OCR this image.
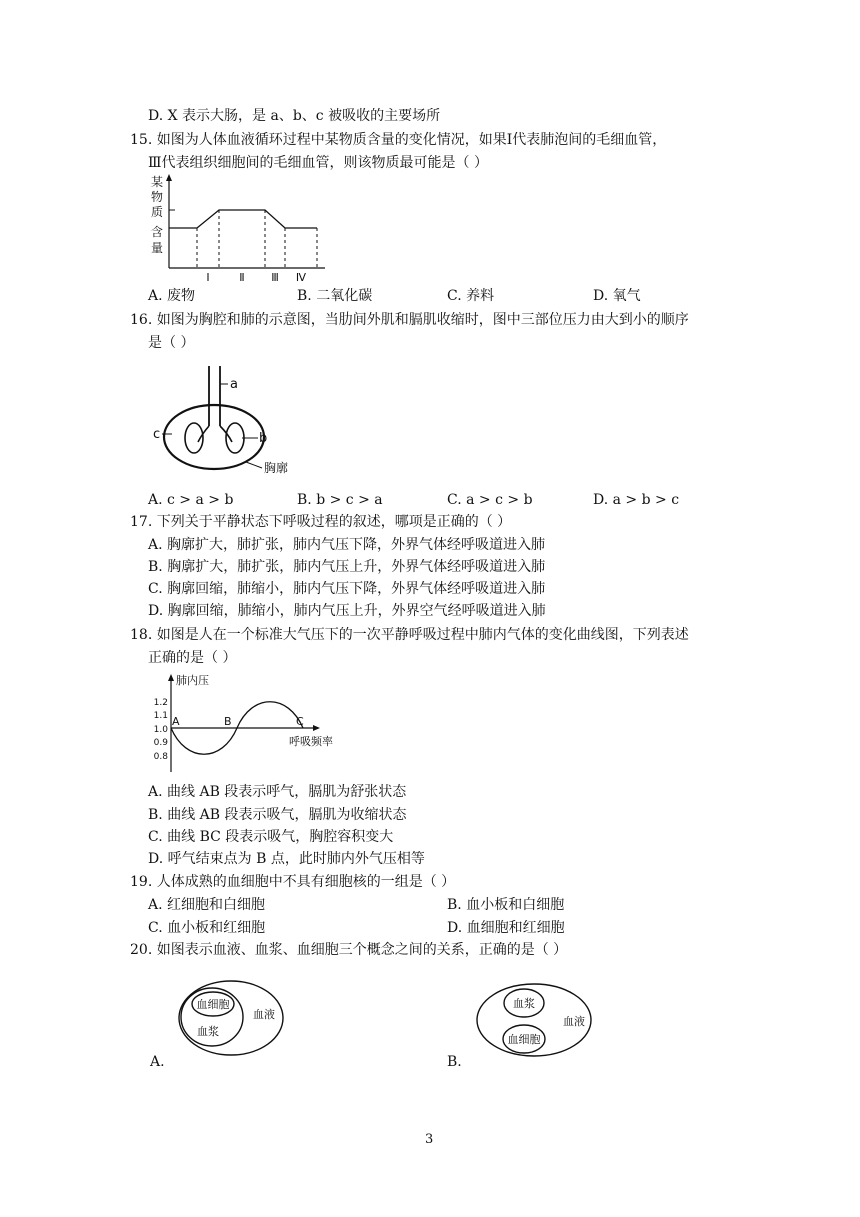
D. X 表示大肠，是 a、b、c 被吸收的主要场所
15. 如图为人体血液循环过程中某物质含量的变化情况，如果Ⅰ代表肺泡间的毛细血管，
Ⅲ代表组织细胞间的毛细血管，则该物质最可能是（ ）
某
物
质
含
量
Ⅰ	Ⅱ Ⅲ Ⅳ
A. 废物	B. 二氧化碳	C. 养料	D. 氧气
16. 如图为胸腔和肺的示意图，当肋间外肌和膈肌收缩时，图中三部位压力由大到小的顺序
是（ ）
a
b
c
胸廓
A. c > a > b	B. b > c > a	C. a > c > b	D. a > b > c
17. 下列关于平静状态下呼吸过程的叙述，哪项是正确的（ ）
A. 胸廓扩大，肺扩张，肺内气压下降，外界气体经呼吸道进入肺
B. 胸廓扩大，肺扩张，肺内气压上升，外界气体经呼吸道进入肺
C. 胸廓回缩，肺缩小，肺内气压下降，外界气体经呼吸道进入肺
D. 胸廓回缩，肺缩小，肺内气压上升，外界空气经呼吸道进入肺
18. 如图是人在一个标准大气压下的一次平静呼吸过程中肺内气体的变化曲线图，下列表述
正确的是（ ）
肺内压
1.2
1.1
1.0
0.9
0.8
A	B	C
呼吸频率
A. 曲线 AB 段表示呼气，膈肌为舒张状态
B. 曲线 AB 段表示吸气，膈肌为收缩状态
C. 曲线 BC 段表示吸气，胸腔容积变大
D. 呼气结束点为 B 点，此时肺内外气压相等
19. 人体成熟的血细胞中不具有细胞核的一组是（ ）
A. 红细胞和白细胞	B. 血小板和白细胞
C. 血小板和红细胞	D. 血细胞和红细胞
20. 如图表示血液、血浆、血细胞三个概念之间的关系，正确的是（ ）
血细胞
血浆
血液
A.
血浆
血细胞
血液
B.
3
